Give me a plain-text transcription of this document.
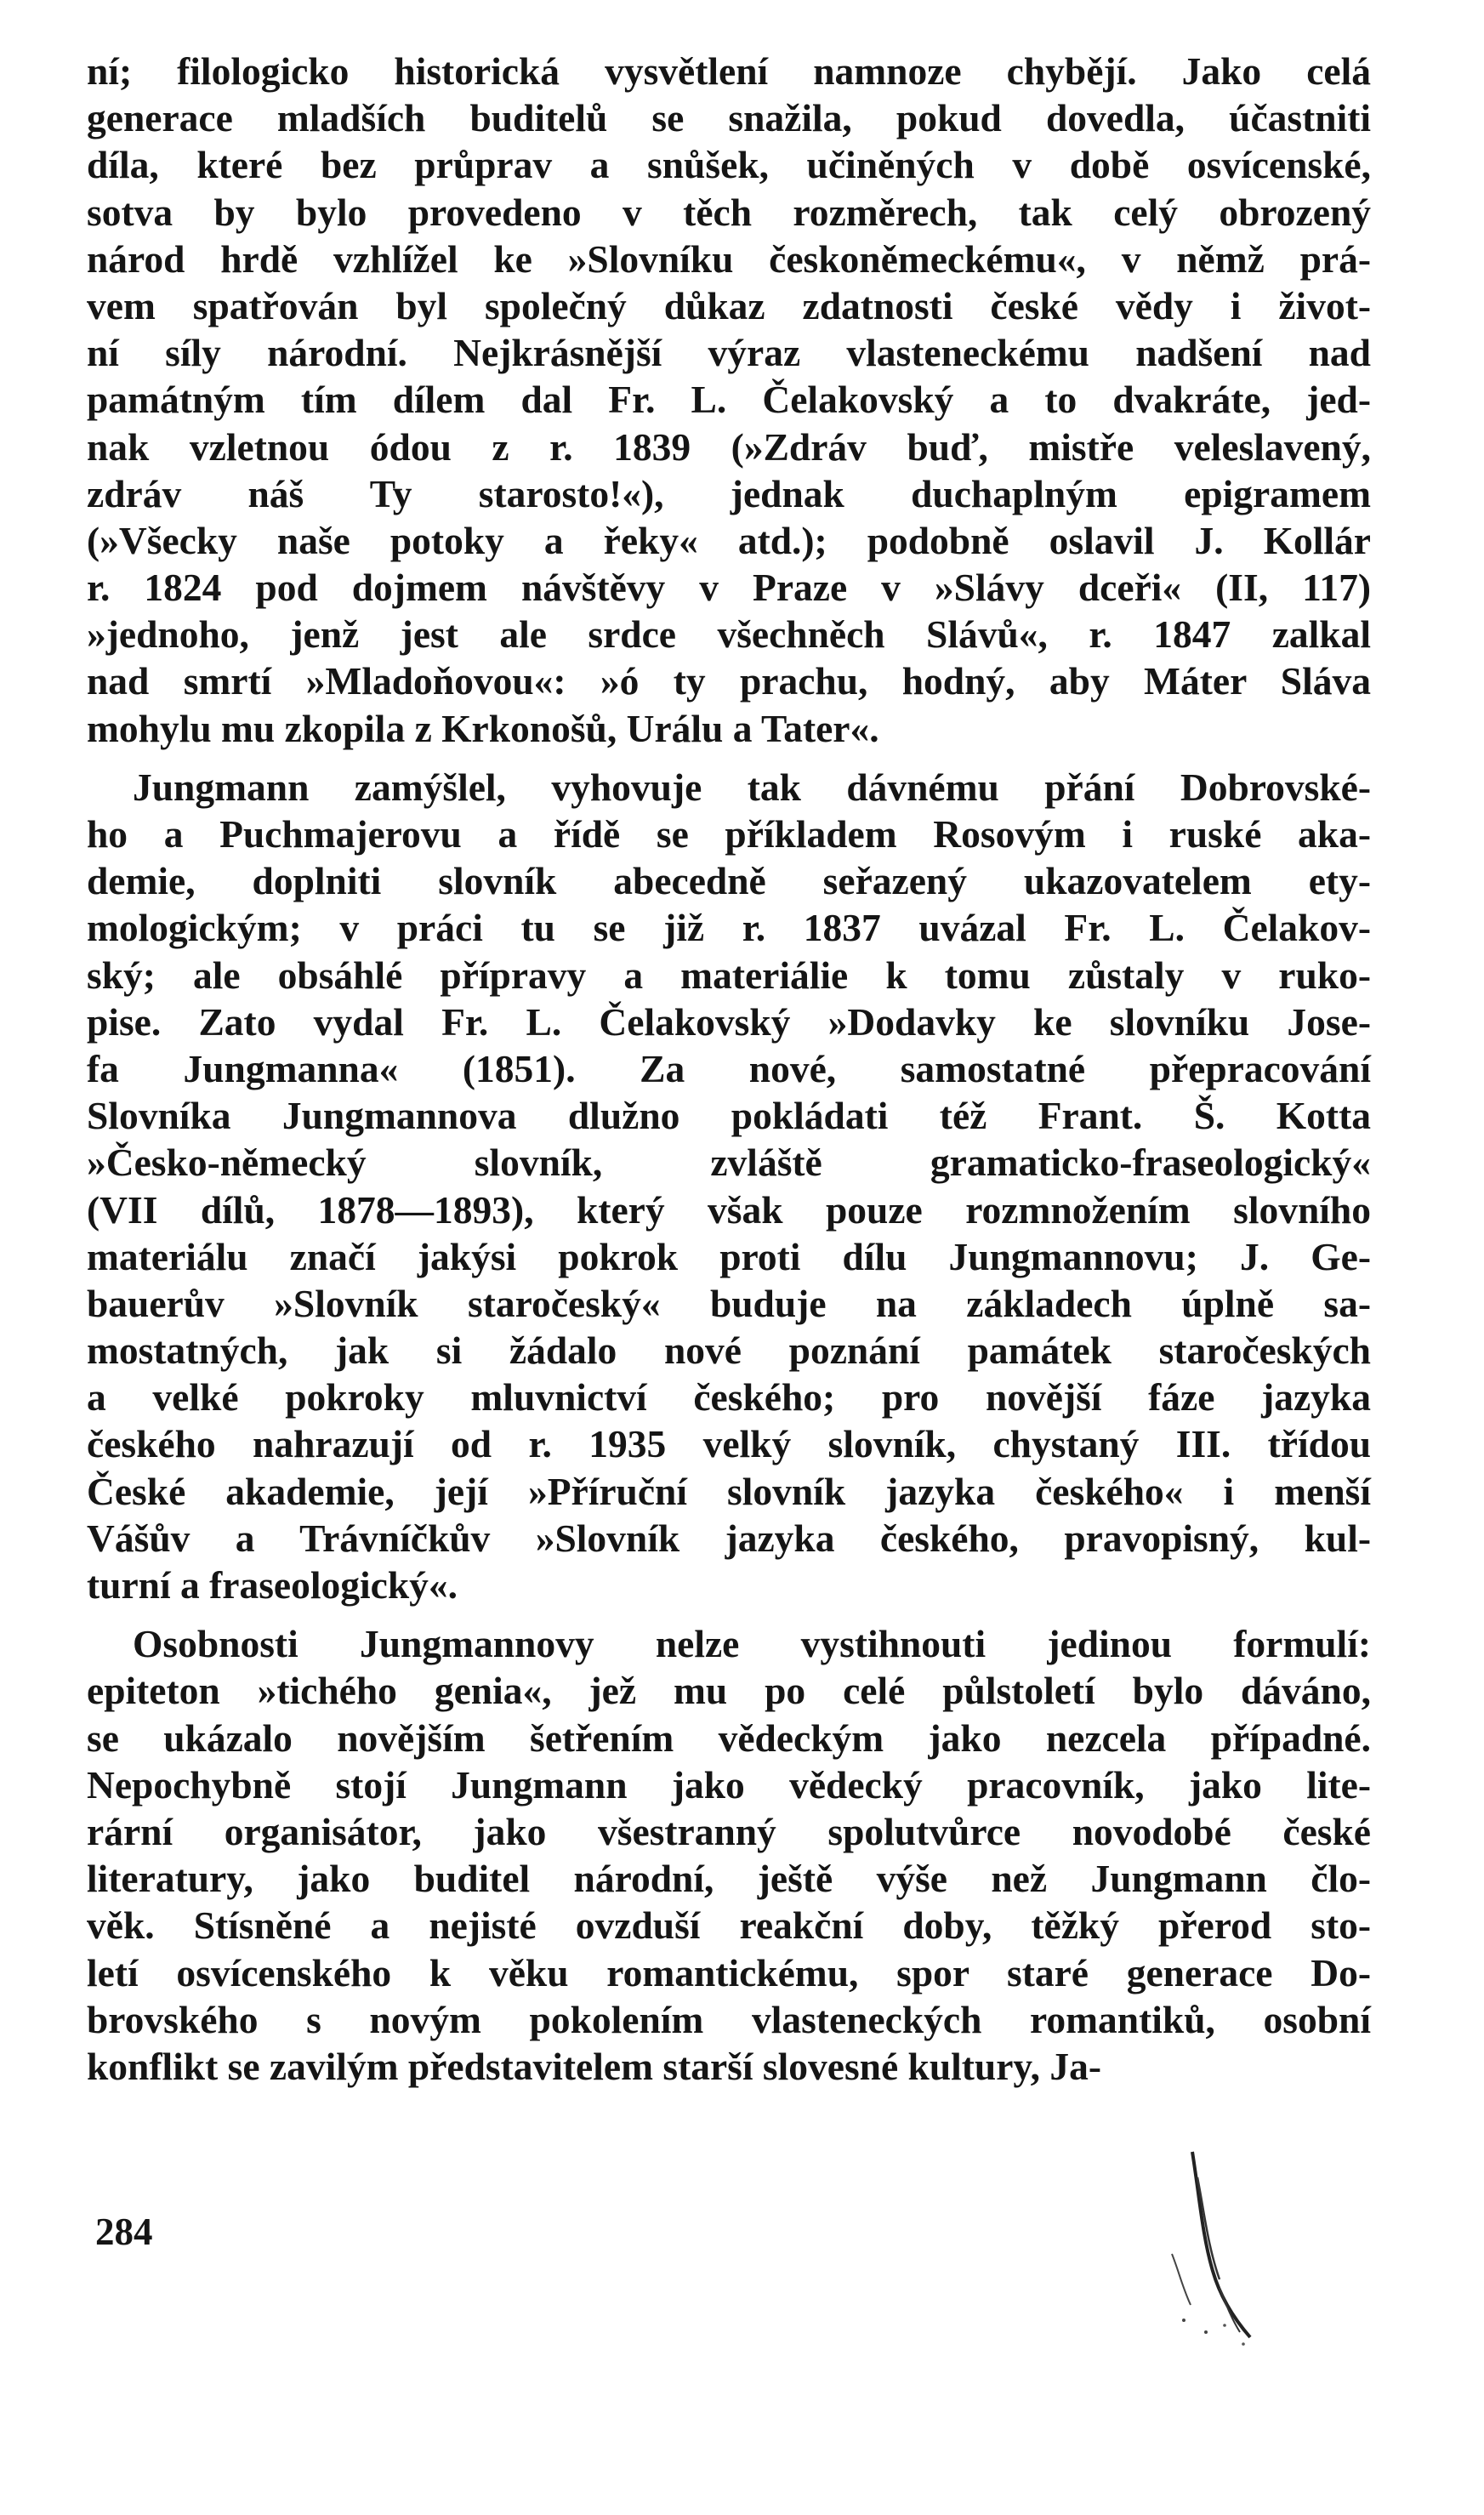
ní; filologicko historická vysvětlení namnoze chybějí. Jako celá
generace mladších buditelů se snažila, pokud dovedla, účastniti
díla, které bez průprav a snůšek, učiněných v době osvícenské,
sotva by bylo provedeno v těch rozměrech, tak celý obrozený
národ hrdě vzhlížel ke »Slovníku českoněmeckému«, v němž prá-
vem spatřován byl společný důkaz zdatnosti české vědy i život-
ní síly národní. Nejkrásnější výraz vlasteneckému nadšení nad
památným tím dílem dal Fr. L. Čelakovský a to dvakráte, jed-
nak vzletnou ódou z r. 1839 (»Zdráv buď, mistře veleslavený,
zdráv náš Ty starosto!«), jednak duchaplným epigramem
(»Všecky naše potoky a řeky« atd.); podobně oslavil J. Kollár
r. 1824 pod dojmem návštěvy v Praze v »Slávy dceři« (II, 117)
»jednoho, jenž jest ale srdce všechněch Slávů«, r. 1847 zalkal
nad smrtí »Mladoňovou«: »ó ty prachu, hodný, aby Máter Sláva
mohylu mu zkopila z Krkonošů, Urálu a Tater«.
Jungmann zamýšlel, vyhovuje tak dávnému přání Dobrovské-
ho a Puchmajerovu a řídě se příkladem Rosovým i ruské aka-
demie, doplniti slovník abecedně seřazený ukazovatelem ety-
mologickým; v práci tu se již r. 1837 uvázal Fr. L. Čelakov-
ský; ale obsáhlé přípravy a materiálie k tomu zůstaly v ruko-
pise. Zato vydal Fr. L. Čelakovský »Dodavky ke slovníku Jose-
fa Jungmanna« (1851). Za nové, samostatné přepracování
Slovníka Jungmannova dlužno pokládati též Frant. Š. Kotta
»Česko-německý slovník, zvláště gramaticko-fraseologický«
(VII dílů, 1878—1893), který však pouze rozmnožením slovního
materiálu značí jakýsi pokrok proti dílu Jungmannovu; J. Ge-
bauerův »Slovník staročeský« buduje na základech úplně sa-
mostatných, jak si žádalo nové poznání památek staročeských
a velké pokroky mluvnictví českého; pro novější fáze jazyka
českého nahrazují od r. 1935 velký slovník, chystaný III. třídou
České akademie, její »Příruční slovník jazyka českého« i menší
Vášův a Trávníčkův »Slovník jazyka českého, pravopisný, kul-
turní a fraseologický«.
Osobnosti Jungmannovy nelze vystihnouti jedinou formulí:
epiteton »tichého genia«, jež mu po celé půlstoletí bylo dáváno,
se ukázalo novějším šetřením vědeckým jako nezcela případné.
Nepochybně stojí Jungmann jako vědecký pracovník, jako lite-
rární organisátor, jako všestranný spolutvůrce novodobé české
literatury, jako buditel národní, ještě výše než Jungmann člo-
věk. Stísněné a nejisté ovzduší reakční doby, těžký přerod sto-
letí osvícenského k věku romantickému, spor staré generace Do-
brovského s novým pokolením vlasteneckých romantiků, osobní
konflikt se zavilým představitelem starší slovesné kultury, Ja-
284
